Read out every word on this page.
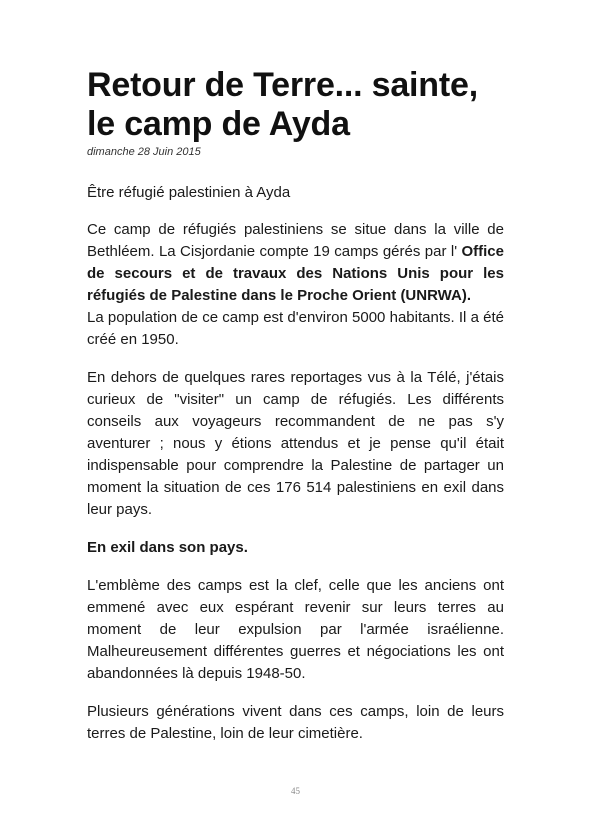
Retour de Terre... sainte,
le camp de Ayda
dimanche 28 Juin 2015
Être réfugié palestinien à Ayda

Ce camp de réfugiés palestiniens se situe dans la ville de Bethléem. La Cisjordanie compte 19 camps gérés par l' Office de secours et de travaux des Nations Unis pour les réfugiés de Palestine dans le Proche Orient (UNRWA).

La population de ce camp est d'environ 5000 habitants. Il a été créé en 1950.

En dehors de quelques rares reportages vus à la Télé, j'étais curieux de "visiter" un camp de réfugiés. Les différents conseils aux voyageurs recommandent de ne pas s'y aventurer ; nous y étions attendus et je pense qu'il était indispensable pour comprendre la Palestine de partager un moment la situation de ces 176 514 palestiniens en exil dans leur pays.

En exil dans son pays.

L'emblème des camps est la clef, celle que les anciens ont emmené avec eux espérant revenir sur leurs terres au moment de leur expulsion par l'armée israélienne. Malheureusement différentes guerres et négociations les ont abandonnées là depuis 1948-50.

Plusieurs générations vivent dans ces camps, loin de leurs terres de Palestine, loin de leur cimetière.

45
